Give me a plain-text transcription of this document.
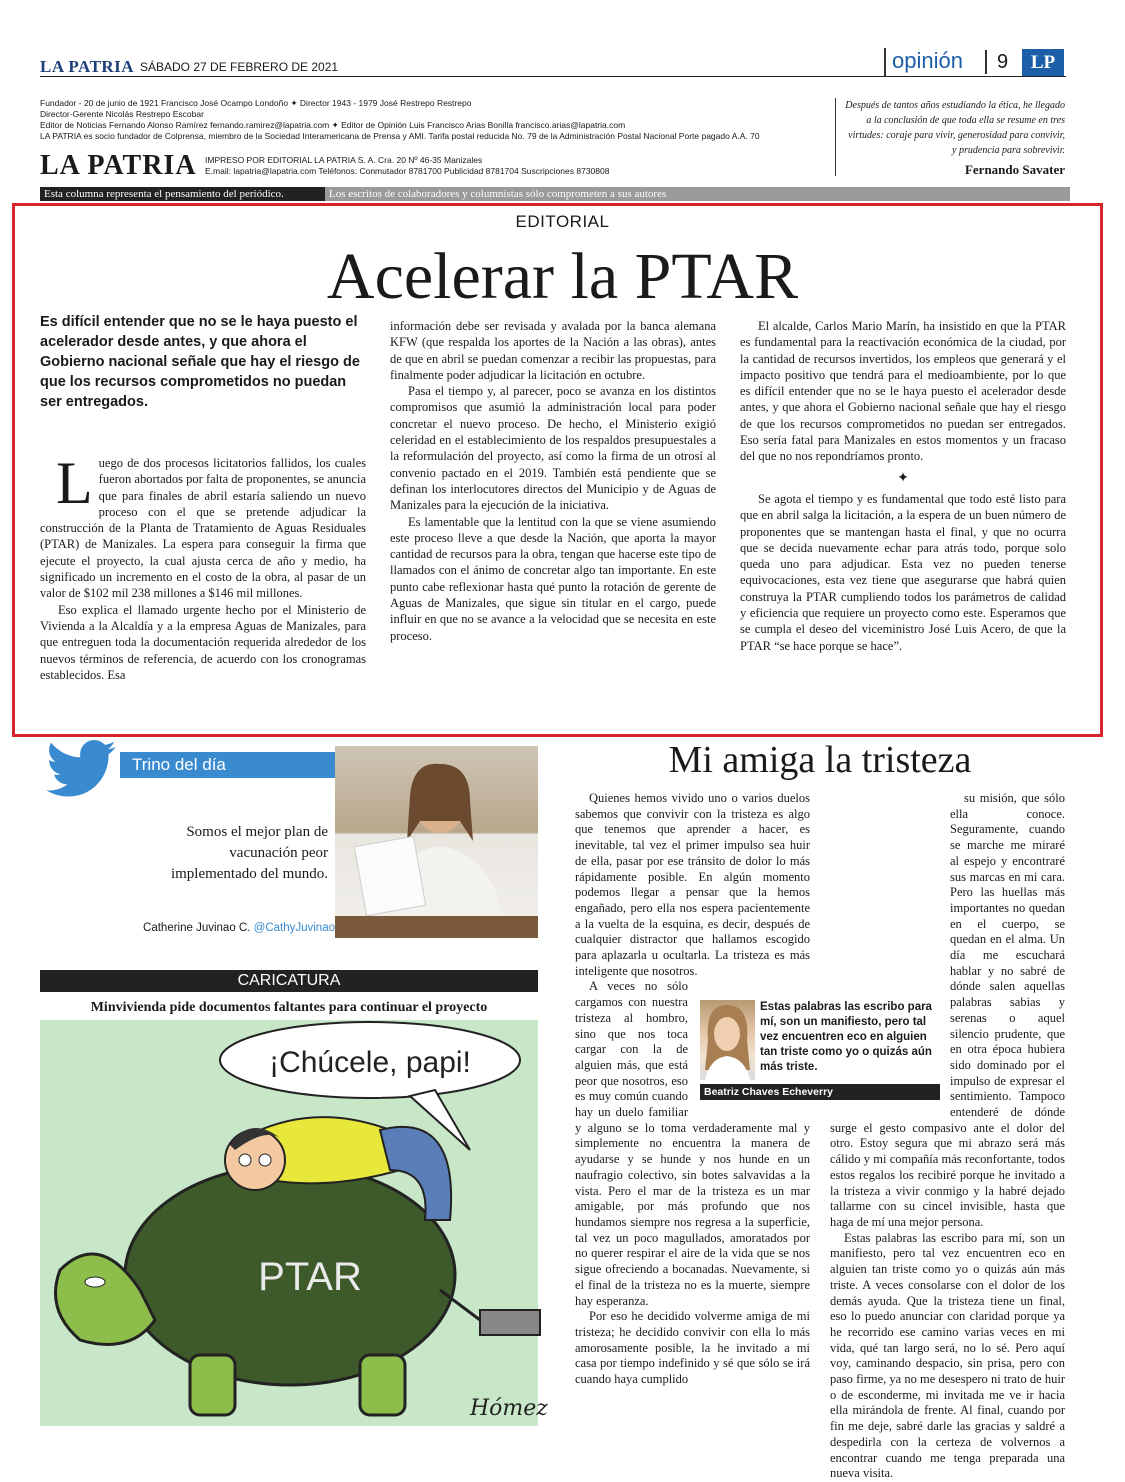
LA PATRIA SÁBADO 27 DE FEBRERO DE 2021	opinión	9	LP
Fundador - 20 de junio de 1921 Francisco José Ocampo Londoño ✦ Director 1943 - 1979 José Restrepo Restrepo
Director-Gerente Nicolás Restrepo Escobar
Editor de Noticias Fernando Alonso Ramírez fernando.ramirez@lapatria.com ✦ Editor de Opinión Luis Francisco Arias Bonilla francisco.arias@lapatria.com
LA PATRIA es socio fundador de Colprensa, miembro de la Sociedad Interamericana de Prensa y AMI. Tarifa postal reducida No. 79 de la Administración Postal Nacional Porte pagado A.A. 70
LA PATRIA IMPRESO POR EDITORIAL LA PATRIA S. A. Cra. 20 Nº 46-35 Manizales
E.mail: lapatria@lapatria.com Teléfonos: Conmutador 8781700 Publicidad 8781704 Suscripciones 8730808
Después de tantos años estudiando la ética, he llegado a la conclusión de que toda ella se resume en tres virtudes: coraje para vivir, generosidad para convivir, y prudencia para sobrevivir.
Fernando Savater
Esta columna representa el pensamiento del periódico.	Los escritos de colaboradores y columnistas sólo comprometen a sus autores
EDITORIAL
Acelerar la PTAR
Es difícil entender que no se le haya puesto el acelerador desde antes, y que ahora el Gobierno nacional señale que hay el riesgo de que los recursos comprometidos no puedan ser entregados.

Luego de dos procesos licitatorios fallidos, los cuales fueron abortados por falta de proponentes, se anuncia que para finales de abril estaría saliendo un nuevo proceso con el que se pretende adjudicar la construcción de la Planta de Tratamiento de Aguas Residuales (PTAR) de Manizales. La espera para conseguir la firma que ejecute el proyecto, la cual ajusta cerca de año y medio, ha significado un incremento en el costo de la obra, al pasar de un valor de $102 mil 238 millones a $146 mil millones.

Eso explica el llamado urgente hecho por el Ministerio de Vivienda a la Alcaldía y a la empresa Aguas de Manizales, para que entreguen toda la documentación requerida alrededor de los nuevos términos de referencia, de acuerdo con los cronogramas establecidos. Esa

información debe ser revisada y avalada por la banca alemana KFW (que respalda los aportes de la Nación a las obras), antes de que en abril se puedan comenzar a recibir las propuestas, para finalmente poder adjudicar la licitación en octubre.

Pasa el tiempo y, al parecer, poco se avanza en los distintos compromisos que asumió la administración local para poder concretar el nuevo proceso. De hecho, el Ministerio exigió celeridad en el establecimiento de los respaldos presupuestales a la reformulación del proyecto, así como la firma de un otrosí al convenio pactado en el 2019. También está pendiente que se definan los interlocutores directos del Municipio y de Aguas de Manizales para la ejecución de la iniciativa.

Es lamentable que la lentitud con la que se viene asumiendo este proceso lleve a que desde la Nación, que aporta la mayor cantidad de recursos para la obra, tengan que hacerse este tipo de llamados con el ánimo de concretar algo tan importante. En este punto cabe reflexionar hasta qué punto la rotación de gerente de Aguas de Manizales, que sigue sin titular en el cargo, puede influir en que no se avance a la velocidad que se necesita en este proceso.

El alcalde, Carlos Mario Marín, ha insistido en que la PTAR es fundamental para la reactivación económica de la ciudad, por la cantidad de recursos invertidos, los empleos que generará y el impacto positivo que tendrá para el medioambiente, por lo que es difícil entender que no se le haya puesto el acelerador desde antes, y que ahora el Gobierno nacional señale que hay el riesgo de que los recursos comprometidos no puedan ser entregados. Eso sería fatal para Manizales en estos momentos y un fracaso del que no nos repondríamos pronto.

✦

Se agota el tiempo y es fundamental que todo esté listo para que en abril salga la licitación, a la espera de un buen número de proponentes que se mantengan hasta el final, y que no ocurra que se decida nuevamente echar para atrás todo, porque solo queda uno para adjudicar. Esta vez no pueden tenerse equivocaciones, esta vez tiene que asegurarse que habrá quien construya la PTAR cumpliendo todos los parámetros de calidad y eficiencia que requiere un proyecto como este. Esperamos que se cumpla el deseo del viceministro José Luis Acero, de que la PTAR “se hace porque se hace”.

Trino del día
Somos el mejor plan de vacunación peor implementado del mundo.
Catherine Juvinao C. @CathyJuvinao
CARICATURA
Minvivienda pide documentos faltantes para continuar el proyecto
¡Chúcele, papi!
PTAR
Hómez
Mi amiga la tristeza

Quienes hemos vivido uno o varios duelos sabemos que convivir con la tristeza es algo que tenemos que aprender a hacer, es inevitable, tal vez el primer impulso sea huir de ella, pasar por ese tránsito de dolor lo más rápidamente posible. En algún momento podemos llegar a pensar que la hemos engañado, pero ella nos espera pacientemente a la vuelta de la esquina, es decir, después de cualquier distractor que hallamos escogido para aplazarla u ocultarla. La tristeza es más inteligente que nosotros.

A veces no sólo cargamos con nuestra tristeza al hombro, sino que nos toca cargar con la de alguien más, que está peor que nosotros, eso es muy común cuando hay un duelo familiar y alguno se lo toma verdaderamente mal y simplemente no encuentra la manera de ayudarse y se hunde y nos hunde en un naufragio colectivo, sin botes salvavidas a la vista. Pero el mar de la tristeza es un mar amigable, por más profundo que nos hundamos siempre nos regresa a la superficie, tal vez un poco magullados, amoratados por no querer respirar el aire de la vida que se nos sigue ofreciendo a bocanadas. Nuevamente, si el final de la tristeza no es la muerte, siempre hay esperanza.

Por eso he decidido volverme amiga de mi tristeza; he decidido convivir con ella lo más amorosamente posible, la he invitado a mi casa por tiempo indefinido y sé que sólo se irá cuando haya cumplido

su misión, que sólo ella conoce. Seguramente, cuando se marche me miraré al espejo y encontraré sus marcas en mi cara. Pero las huellas más importantes no quedan en el cuerpo, se quedan en el alma. Un día me escuchará hablar y no sabré de dónde salen aquellas palabras sabias y serenas o aquel silencio prudente, que en otra época hubiera sido dominado por el impulso de expresar el sentimiento. Tampoco entenderé de dónde surge el gesto compasivo ante el dolor del otro. Estoy segura que mi abrazo será más cálido y mi compañía más reconfortante, todos estos regalos los recibiré porque he invitado a la tristeza a vivir conmigo y la habré dejado tallarme con su cincel invisible, hasta que haga de mí una mejor persona.

Estas palabras las escribo para mí, son un manifiesto, pero tal vez encuentren eco en alguien tan triste como yo o quizás aún más triste. A veces consolarse con el dolor de los demás ayuda. Que la tristeza tiene un final, eso lo puedo anunciar con claridad porque ya he recorrido ese camino varias veces en mi vida, qué tan largo será, no lo sé. Pero aquí voy, caminando despacio, sin prisa, pero con paso firme, ya no me desespero ni trato de huir o de esconderme, mi invitada me ve ir hacia ella mirándola de frente. Al final, cuando por fin me deje, sabré darle las gracias y saldré a despedirla con la certeza de volvernos a encontrar cuando me tenga preparada una nueva visita.

Estas palabras las escribo para mí, son un manifiesto, pero tal vez encuentren eco en alguien tan triste como yo o quizás aún más triste.
Beatriz Chaves Echeverry
